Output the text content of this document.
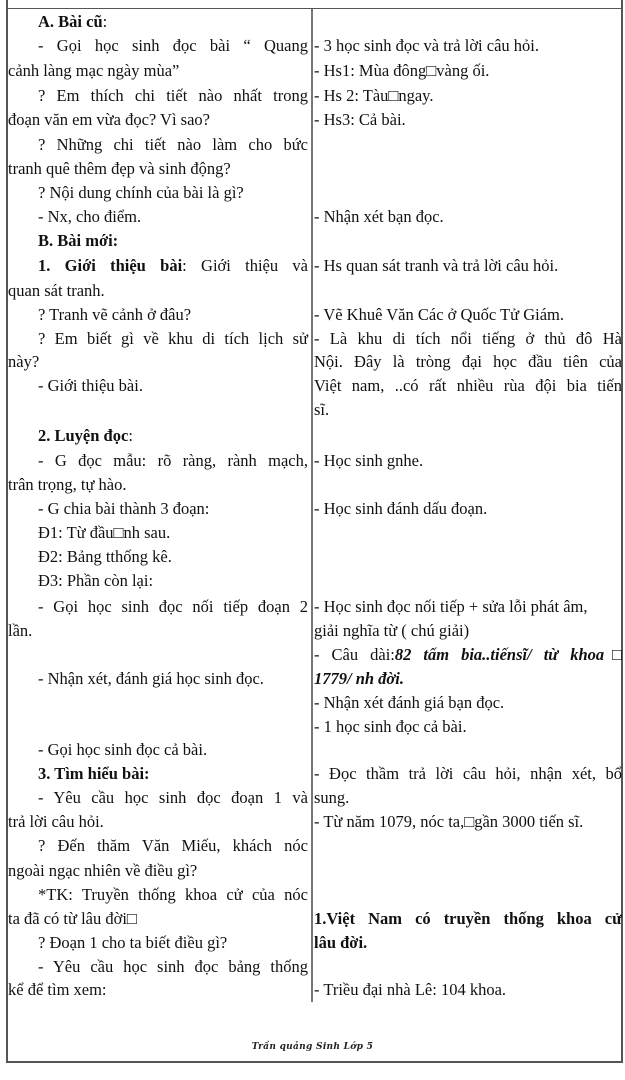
A. Bài cũ:
- Gọi học sinh đọc bài “ Quang
cảnh làng mạc ngày mùa”
? Em thích chi tiết nào nhất trong
đoạn văn em vừa đọc? Vì sao?
? Những chi tiết nào làm cho bức
tranh quê thêm đẹp và sinh động?
? Nội dung chính của bài là gì?
- Nx, cho điểm.
B. Bài mới:
1. Giới thiệu bài: Giới thiệu và
quan sát tranh.
? Tranh vẽ cảnh ở đâu?
? Em biết gì về khu di tích lịch sử
này?
- Giới thiệu bài.
2. Luyện đọc:
- G đọc mẫu: rõ ràng, rành mạch,
trân trọng, tự hào.
- G chia bài thành 3 đoạn:
Đ1: Từ đầu□nh sau.
Đ2: Bảng tthống kê.
Đ3: Phần còn lại:
- Gọi học sinh đọc nối tiếp đoạn 2
lần.
- Nhận xét, đánh giá học sinh đọc.
- Gọi học sinh đọc cả bài.
3. Tìm hiểu bài:
- Yêu cầu học sinh đọc đoạn 1 và
trả lời câu hỏi.
? Đến thăm Văn Miếu, khách nóc
ngoài ngạc nhiên về điều gì?
*TK: Truyền thống khoa cử của nóc
ta đã có từ lâu đời□
? Đoạn 1 cho ta biết điều gì?
- Yêu cầu học sinh đọc bảng thống
kể để tìm xem:
- 3 học sinh đọc và trả lời câu hỏi.
- Hs1: Mùa đông□vàng ối.
- Hs 2: Tàu□ngay.
- Hs3: Cả bài.
- Nhận xét bạn đọc.
- Hs quan sát tranh và trả lời câu hỏi.
- Vẽ Khuê Văn Các ở Quốc Tử Giám.
- Là khu di tích nổi tiếng ở thủ đô Hà
Nội. Đây là tròng đại học đầu tiên của
Việt nam, ..có rất nhiều rùa đội bia tiến
sĩ.
- Học sinh gnhe.
- Học sinh đánh dấu đoạn.
- Học sinh đọc nối tiếp + sửa lỗi phát âm,
giải nghĩa từ ( chú giải)
- Câu dài:82 tấm bia..tiếnsĩ/ từ khoa□
1779/ nh đời.
- Nhận xét đánh giá bạn đọc.
- 1 học sinh đọc cả bài.
- Đọc thầm trả lời câu hỏi, nhận xét, bổ
sung.
- Từ năm 1079, nóc ta,□gần 3000 tiến sĩ.
1.Việt Nam có truyền thống khoa cử
lâu đời.
- Triều đại nhà Lê: 104 khoa.
Trần quảng Sinh Lớp 5
